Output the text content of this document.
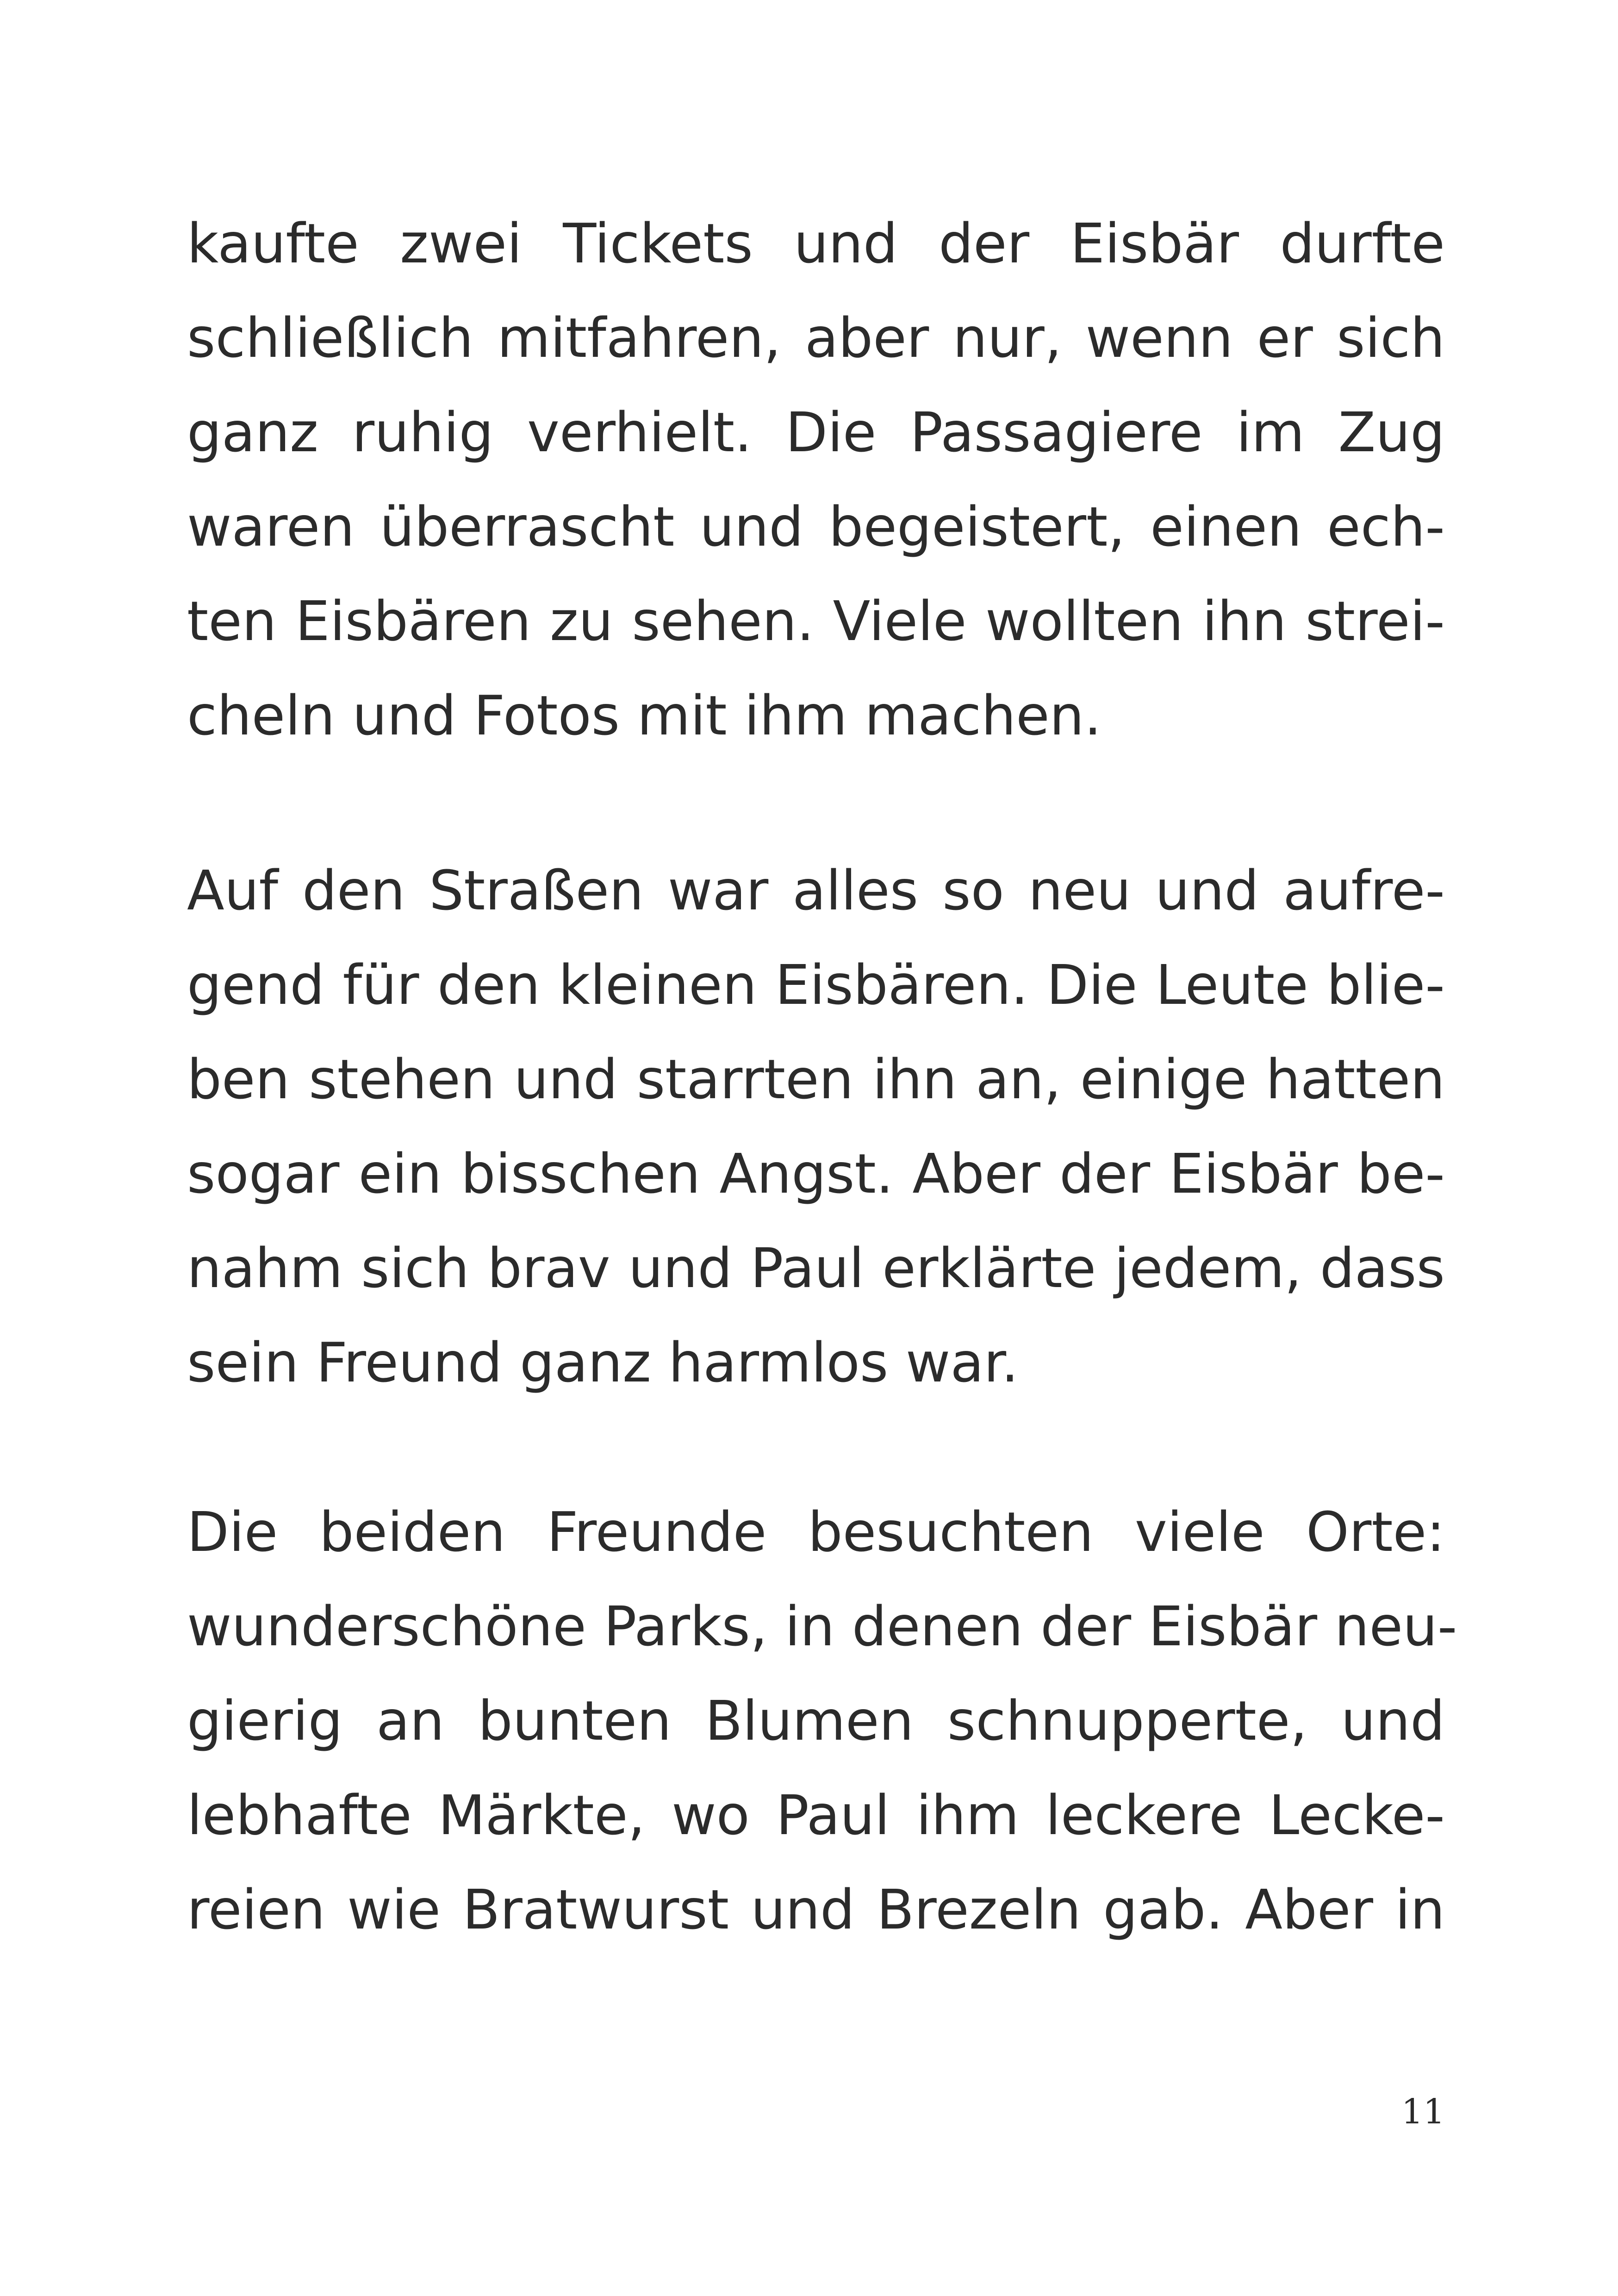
kaufte zwei Tickets und der Eisbär durfte
schließlich mitfahren, aber nur, wenn er sich
ganz ruhig verhielt. Die Passagiere im Zug
waren überrascht und begeistert, einen ech-
ten Eisbären zu sehen. Viele wollten ihn strei-
cheln und Fotos mit ihm machen.
Auf den Straßen war alles so neu und aufre-
gend für den kleinen Eisbären. Die Leute blie-
ben stehen und starrten ihn an, einige hatten
sogar ein bisschen Angst. Aber der Eisbär be-
nahm sich brav und Paul erklärte jedem, dass
sein Freund ganz harmlos war.
Die beiden Freunde besuchten viele Orte:
wunderschöne Parks, in denen der Eisbär neu-
gierig an bunten Blumen schnupperte, und
lebhafte Märkte, wo Paul ihm leckere Lecke-
reien wie Bratwurst und Brezeln gab. Aber in
11
